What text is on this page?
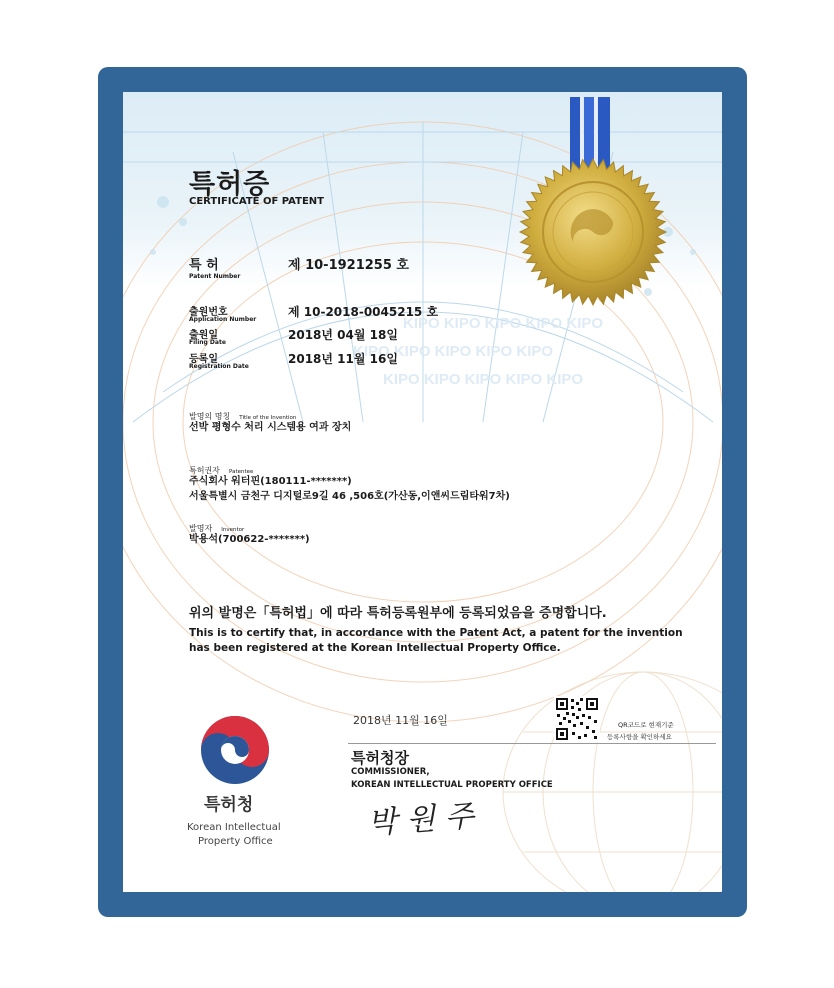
KIPO KIPO KIPO KIPO KIPO
KIPO KIPO KIPO KIPO KIPO
KIPO KIPO KIPO KIPO KIPO
특허증
CERTIFICATE OF PATENT
특 허
Patent Number
제 10-1921255 호
출원번호
Application Number
제 10-2018-0045215 호
출원일
Filing Date
2018년 04월 18일
등록일
Registration Date
2018년 11월 16일
발명의 명칭 Title of the Invention
선박 평형수 처리 시스템용 여과 장치
특허권자 Patentee
주식회사 워터핀(180111-*******)
서울특별시 금천구 디지털로9길 46 ,506호(가산동,이앤씨드림타워7차)
발명자 Inventor
박용석(700622-*******)
위의 발명은「특허법」에 따라 특허등록원부에 등록되었음을 증명합니다.
This is to certify that, in accordance with the Patent Act, a patent for the invention
has been registered at the Korean Intellectual Property Office.
2018년 11월 16일	QR코드로 현재기준
등록사항을 확인하세요
특허청장
COMMISSIONER,
KOREAN INTELLECTUAL PROPERTY OFFICE
박 원 주
특허청
Korean Intellectual
Property Office
